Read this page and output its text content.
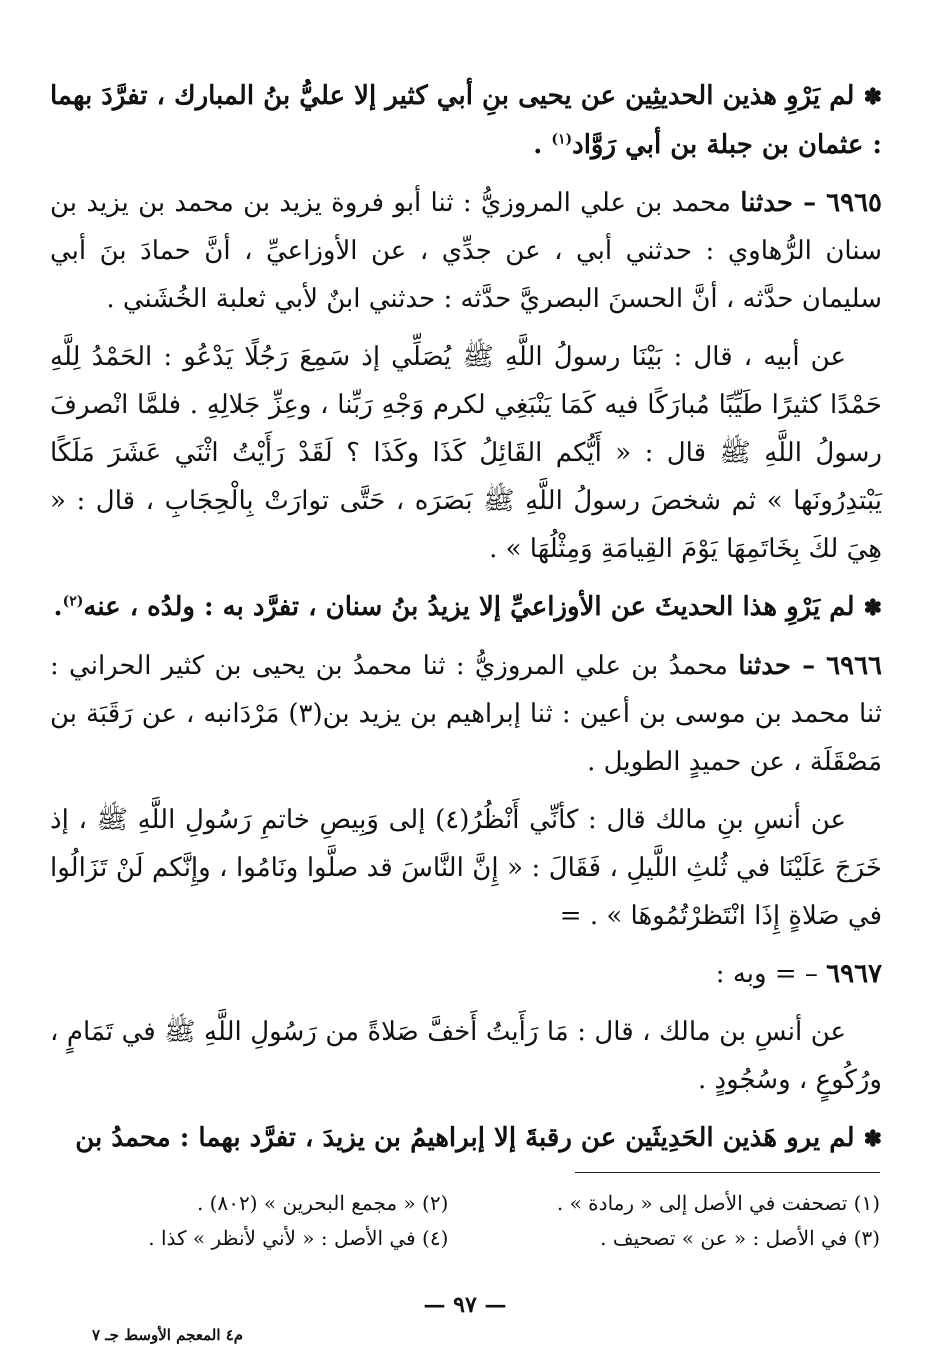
✽ لم يَرْوِ هذين الحديثِين عن يحيى بنِ أبي كثير إلا عليُّ بنُ المبارك ، تفرَّدَ بهما : عثمان بن جبلة بن أبي رَوَّاد$^{(١)}$ .

٦٩٦٥ – حدثنا محمد بن علي المروزيُّ : ثنا أبو فروة يزيد بن محمد بن يزيد بن سنان الرُّهاوي : حدثني أبي ، عن جدِّي ، عن الأوزاعيِّ ، أنَّ حمادَ بنَ أبي سليمان حدَّثه ، أنَّ الحسنَ البصريَّ حدَّثه : حدثني ابنٌ لأبي ثعلبة الخُشَني .

عن أبيه ، قال : بَيْنَا رسولُ اللَّهِ ﷺ يُصَلِّي إذ سَمِعَ رَجُلًا يَدْعُو : الحَمْدُ لِلَّهِ حَمْدًا كثيرًا طَيِّبًا مُبارَكًا فيه كَمَا يَنْبَغِي لكرم وَجْهِ رَبِّنا ، وعِزِّ جَلالِهِ . فلمَّا انْصرفَ رسولُ اللَّهِ ﷺ قال : « أَيُّكم القَائِلُ كَذَا وكَذَا ؟ لَقَدْ رَأَيْتُ اثْنَي عَشَرَ مَلَكًا يَبْتدِرُونَها » ثم شخصَ رسولُ اللَّهِ ﷺ بَصَرَه ، حَتَّى توارَتْ بِالْحِجَابِ ، قال : « هِيَ لكَ بِخَاتَمِهَا يَوْمَ القِيامَةِ وَمِثْلُهَا » .

✽ لم يَرْوِ هذا الحديثَ عن الأوزاعيِّ إلا يزيدُ بنُ سنان ، تفرَّد به : ولدُه ، عنه$^{(٢)}$.

٦٩٦٦ – حدثنا محمدُ بن علي المروزيُّ : ثنا محمدُ بن يحيى بن كثير الحراني : ثنا محمد بن موسى بن أعين : ثنا إبراهيم بن يزيد بن(٣) مَرْدَانبه ، عن رَقَبَة بن مَصْقَلَة ، عن حميدٍ الطويل .

عن أنسِ بنِ مالك قال : كأنِّي أَنْظُرُ(٤) إلى وَبِيصِ خاتمِ رَسُولِ اللَّهِ ﷺ ، إذ خَرَجَ عَلَيْنَا في ثُلثِ اللَّيلِ ، فَقَالَ : « إِنَّ النَّاسَ قد صلَّوا ونَامُوا ، وإِنَّكم لَنْ تَزَالُوا في صَلاةٍ إِذَا انْتَظرْتُمُوهَا » . =

٦٩٦٧ – = وبه :

عن أنسِ بن مالك ، قال : مَا رَأَيتُ أَخفَّ صَلاةً من رَسُولِ اللَّهِ ﷺ في تَمَامٍ ، ورُكُوعٍ ، وسُجُودٍ .

✽ لم يرو هَذين الحَدِيثَين عن رقبةَ إلا إبراهيمُ بن يزيدَ ، تفرَّد بهما : محمدُ بن

(١) تصحفت في الأصل إلى « رمادة » .
(٢) « مجمع البحرين » (٨٠٢) .
(٣) في الأصل : « عن » تصحيف .
(٤) في الأصل : « لأني لأنظر » كذا .
— ٩٧ —
م٤ المعجم الأوسط جـ ٧
